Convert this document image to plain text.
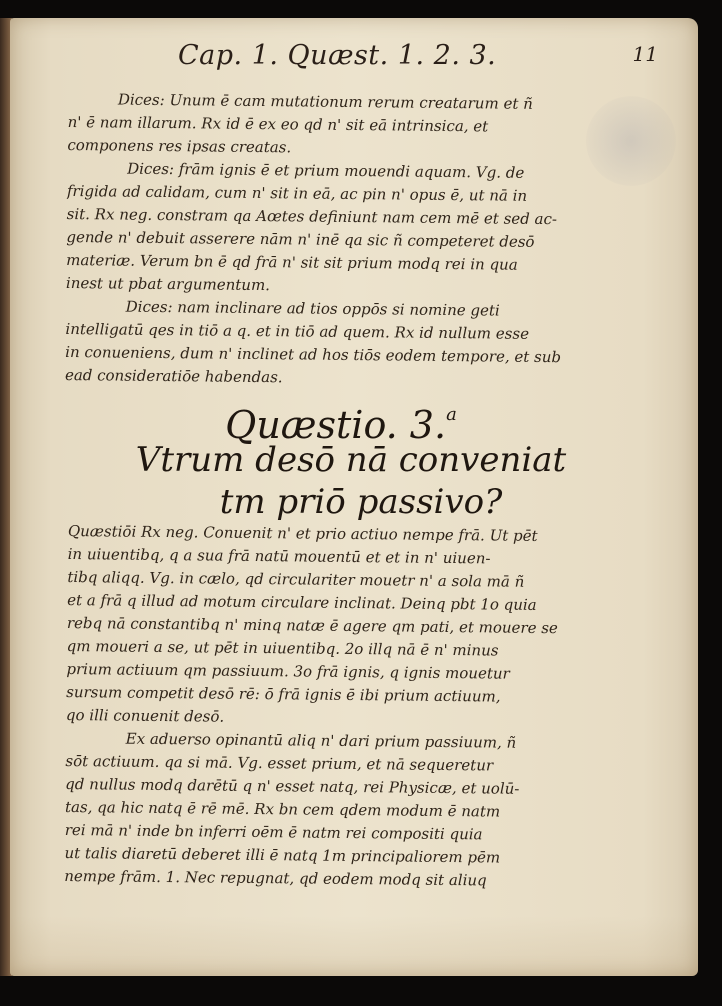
Cap. 1. Quæst. 1. 2. 3.	11
Dices: Unum ē cam mutationum rerum creatarum et ñ
n' ē nam illarum. Rx id ē ex eo qd n' sit eā intrinsica, et
componens res ipsas creatas.
Dices: frām ignis ē et prium mouendi aquam. Vg. de
frigida ad calidam, cum n' sit in eā, ac pin n' opus ē, ut nā in
sit. Rx neg. constram qa Aœtes definiunt nam cem mē et sed ac-
gende n' debuit asserere nām n' inē qa sic ñ competeret desō
materiæ. Verum bn ē qd frā n' sit sit prium modq rei in qua
inest ut pbat argumentum.
Dices: nam inclinare ad tios oppōs si nomine geti
intelligatū qes in tiō a q. et in tiō ad quem. Rx id nullum esse
in conueniens, dum n' inclinet ad hos tiōs eodem tempore, et sub
ead consideratiōe habendas.

Quæstio. 3.$^a$

Vtrum desō nā conveniat

tm priō passivo?

Quæstiōi Rx neg. Conuenit n' et prio actiuo nempe frā. Ut pēt
in uiuentibq, q a sua frā natū mouentū et et in n' uiuen-
tibq aliqq. Vg. in cælo, qd circulariter mouetr n' a sola mā ñ
et a frā q illud ad motum circulare inclinat. Deinq pbt 1o quia
rebq nā constantibq n' minq natæ ē agere qm pati, et mouere se
qm moueri a se, ut pēt in uiuentibq. 2o illq nā ē n' minus
prium actiuum qm passiuum. 3o frā ignis, q ignis mouetur
sursum competit desō rē: ō frā ignis ē ibi prium actiuum,
qo illi conuenit desō.
Ex aduerso opinantū aliq n' dari prium passiuum, ñ
sōt actiuum. qa si mā. Vg. esset prium, et nā sequeretur
qd nullus modq darētū q n' esset natq, rei Physicæ, et uolū-
tas, qa hic natq ē rē mē. Rx bn cem qdem modum ē natm
rei mā n' inde bn inferri oēm ē natm rei compositi quia
ut talis diaretū deberet illi ē natq 1m principaliorem pēm
nempe frām. 1. Nec repugnat, qd eodem modq sit aliuq
